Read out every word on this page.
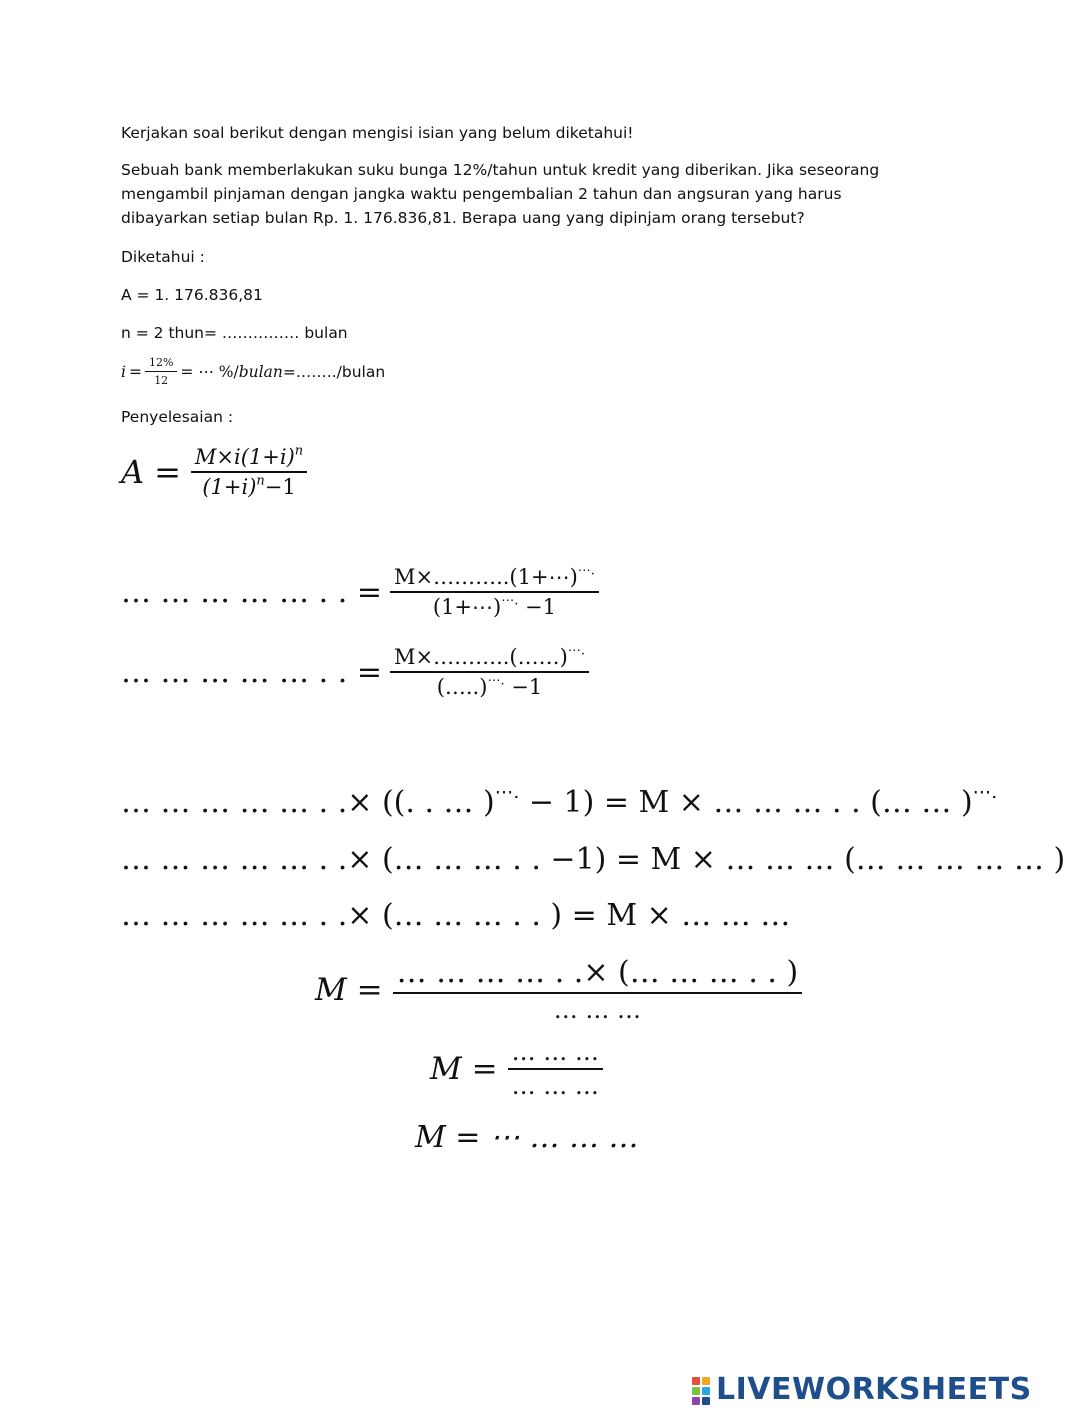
Kerjakan soal berikut dengan mengisi isian yang belum diketahui!
Sebuah bank memberlakukan suku bunga 12%/tahun untuk kredit yang diberikan. Jika seseorang mengambil pinjaman dengan jangka waktu pengembalian 2 tahun dan angsuran yang harus dibayarkan setiap bulan Rp. 1. 176.836,81. Berapa uang yang dipinjam orang tersebut?
Diketahui :
A = 1. 176.836,81
n = 2 thun= …………… bulan
$i = \frac{12\%}{12}$ = ⋯ %/ bulan =……../bulan
Penyelesaian :
$A = \frac{M\times i(1+i)^n}{(1+i)^n-1}$
… … … … … . . = $\frac{M\times\dots\dots\dots..(1+\cdots)^{\cdots.}}{(1+\cdots)^{\cdots.} -1}$
… … … … … . . = $\frac{M\times\dots\dots\dots..(\dots\dots)^{\cdots.}}{(\dots..)^{\cdots.} -1}$
… … … … … . .× ((. . … )⋯. − 1) = M × … … … . . (… … )⋯.
… … … … … . .× (… … … . . −1) = M × … … … (… … … … … )
… … … … … . .× (… … … . . ) = M × … … …
$M = \frac{\dots \dots \dots \dots . .\times (\dots \dots \dots . . )}{\dots \dots \dots}$
$M = \frac{\dots \dots \dots}{\dots \dots \dots}$
M = ⋯ … … …
LIVEWORKSHEETS
